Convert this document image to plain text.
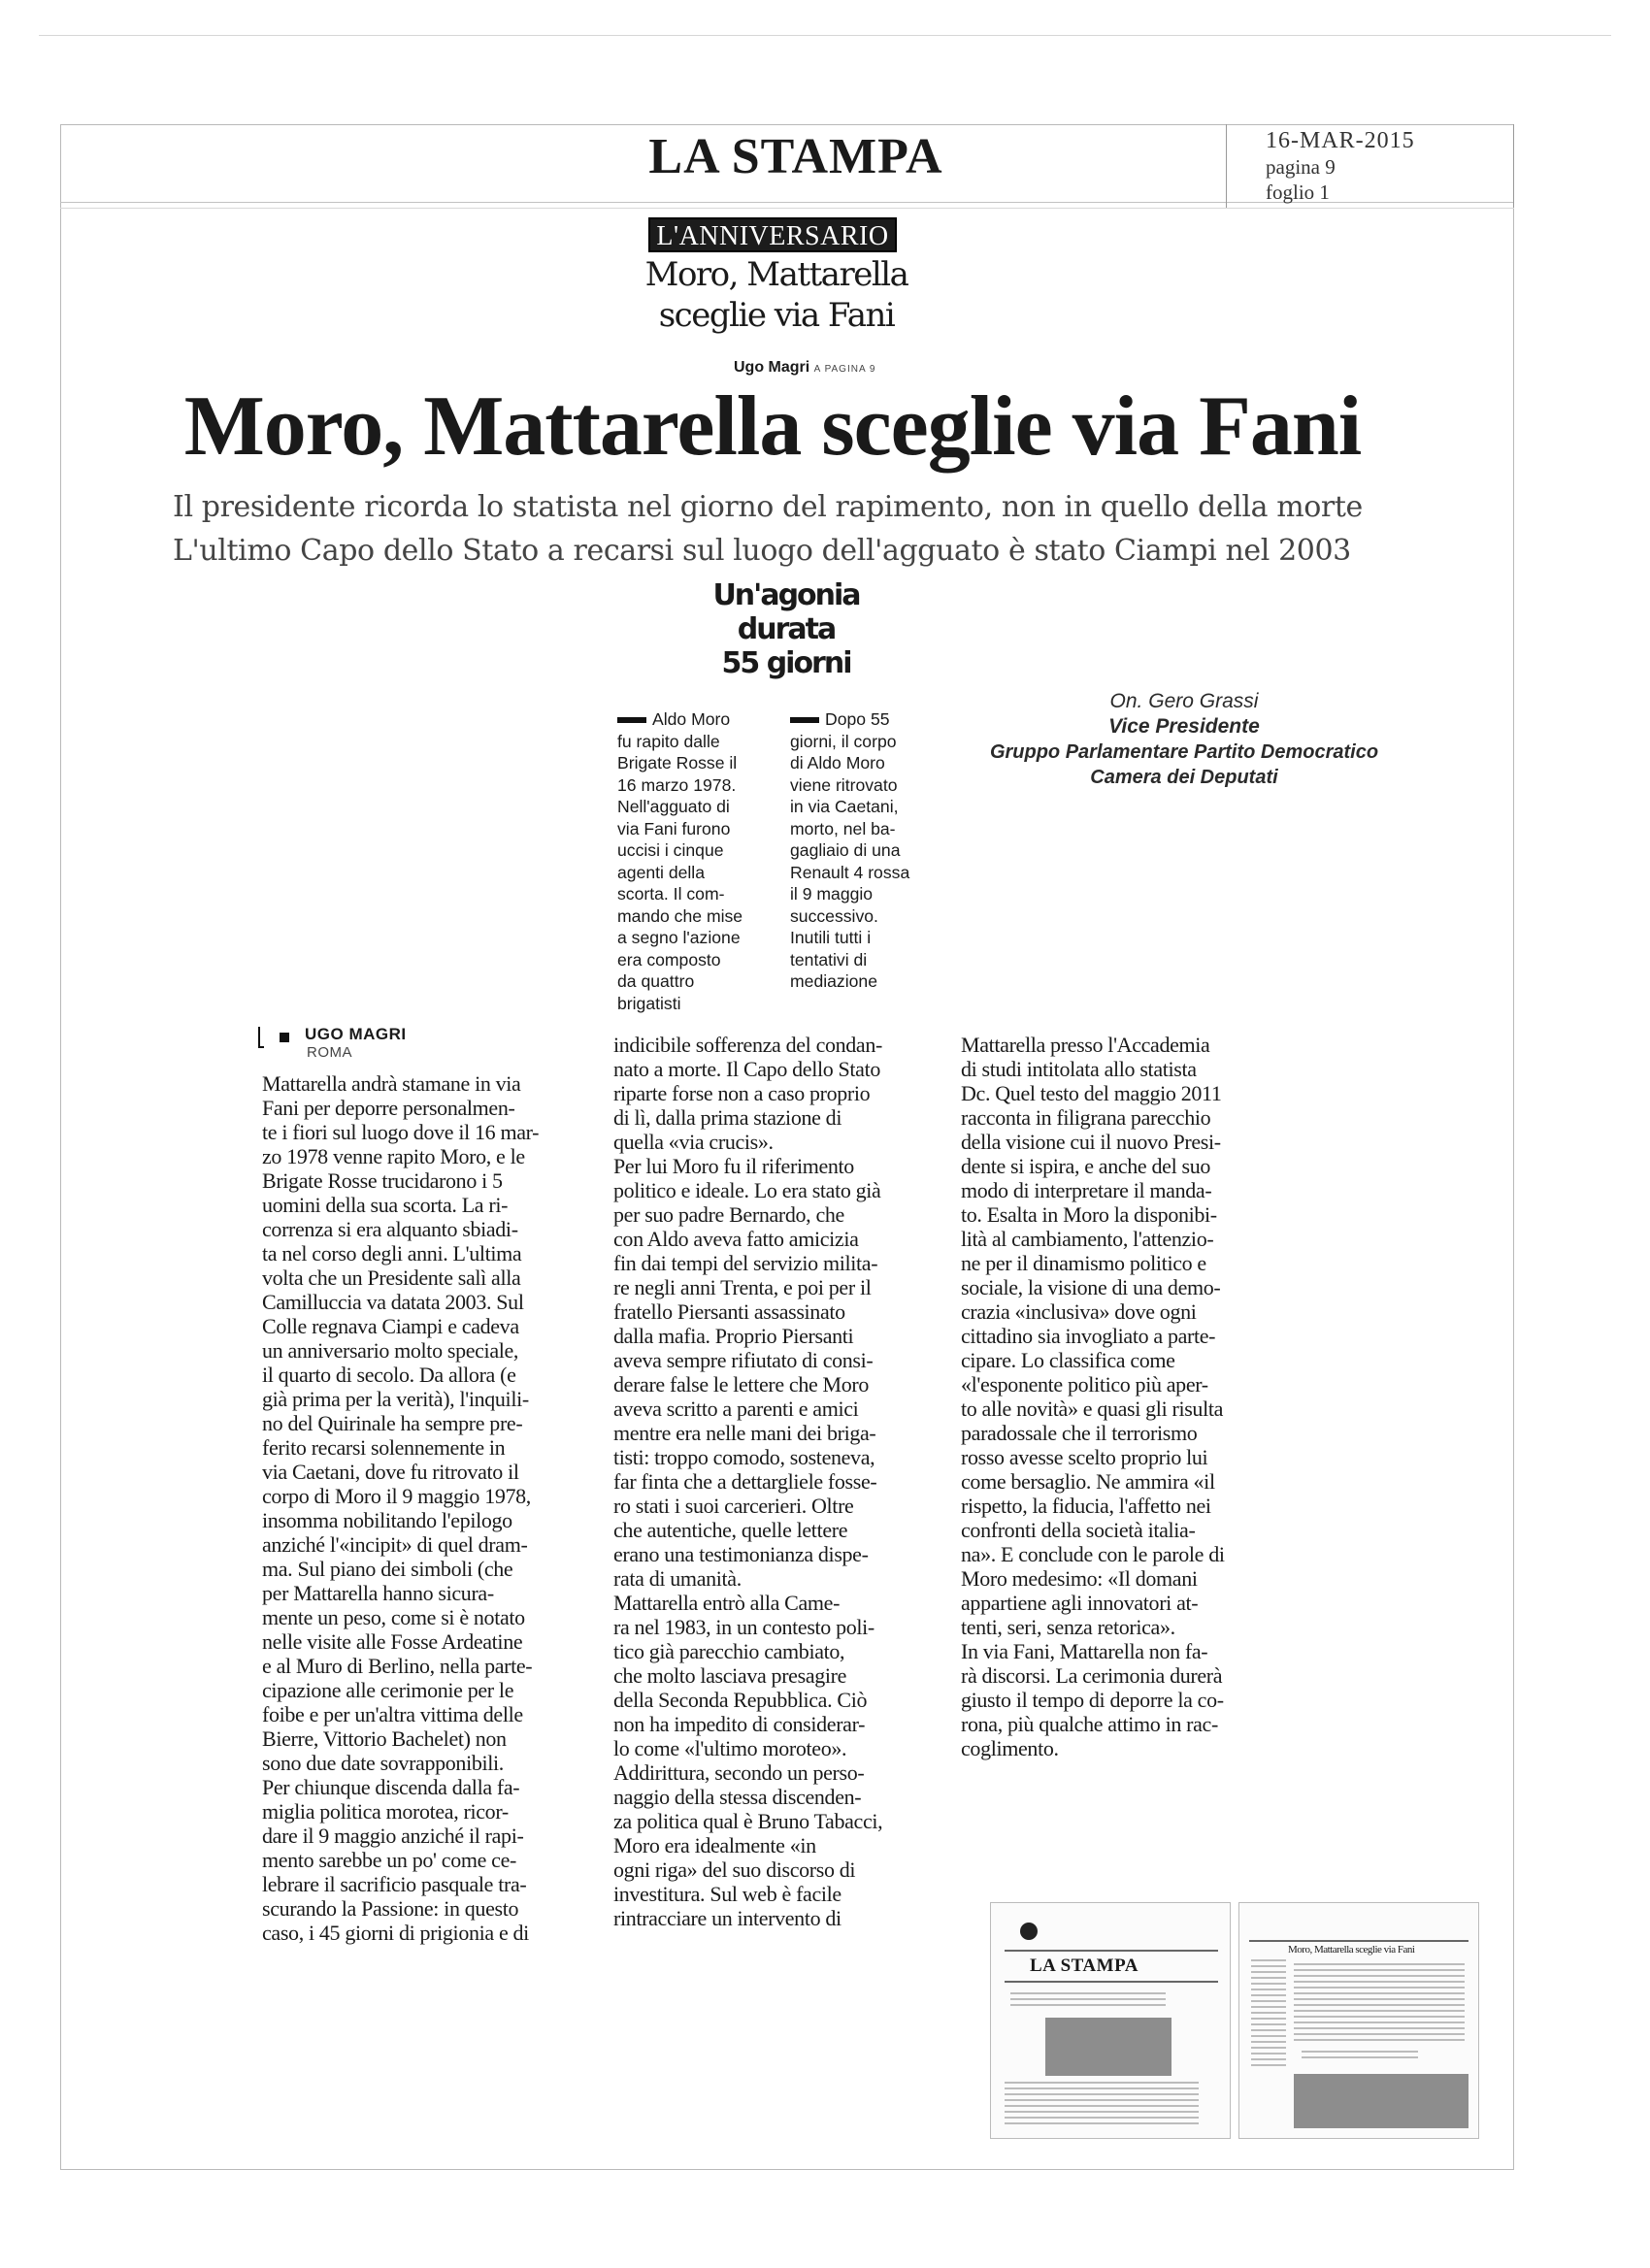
LA STAMPA	16-MAR-2015
pagina 9
foglio 1
L'ANNIVERSARIO
Moro, Mattarella
sceglie via Fani
Ugo Magri A PAGINA 9
Moro, Mattarella sceglie via Fani
Il presidente ricorda lo statista nel giorno del rapimento, non in quello della morte
L'ultimo Capo dello Stato a recarsi sul luogo dell'agguato è stato Ciampi nel 2003
Un'agonia
durata
55 giorni
Aldo Moro
fu rapito dalle
Brigate Rosse il
16 marzo 1978.
Nell'agguato di
via Fani furono
uccisi i cinque
agenti della
scorta. Il com-
mando che mise
a segno l'azione
era composto
da quattro
brigatisti
Dopo 55
giorni, il corpo
di Aldo Moro
viene ritrovato
in via Caetani,
morto, nel ba-
gagliaio di una
Renault 4 rossa
il 9 maggio
successivo.
Inutili tutti i
tentativi di
mediazione
On. Gero Grassi
Vice Presidente
Gruppo Parlamentare Partito Democratico
Camera dei Deputati
UGO MAGRI
ROMA
Mattarella andrà stamane in via
Fani per deporre personalmen-
te i fiori sul luogo dove il 16 mar-
zo 1978 venne rapito Moro, e le
Brigate Rosse trucidarono i 5
uomini della sua scorta. La ri-
correnza si era alquanto sbiadi-
ta nel corso degli anni. L'ultima
volta che un Presidente salì alla
Camilluccia va datata 2003. Sul
Colle regnava Ciampi e cadeva
un anniversario molto speciale,
il quarto di secolo. Da allora (e
già prima per la verità), l'inquili-
no del Quirinale ha sempre pre-
ferito recarsi solennemente in
via Caetani, dove fu ritrovato il
corpo di Moro il 9 maggio 1978,
insomma nobilitando l'epilogo
anziché l'«incipit» di quel dram-
ma. Sul piano dei simboli (che
per Mattarella hanno sicura-
mente un peso, come si è notato
nelle visite alle Fosse Ardeatine
e al Muro di Berlino, nella parte-
cipazione alle cerimonie per le
foibe e per un'altra vittima delle
Bierre, Vittorio Bachelet) non
sono due date sovrapponibili.
Per chiunque discenda dalla fa-
miglia politica morotea, ricor-
dare il 9 maggio anziché il rapi-
mento sarebbe un po' come ce-
lebrare il sacrificio pasquale tra-
scurando la Passione: in questo
caso, i 45 giorni di prigionia e di
indicibile sofferenza del condan-
nato a morte. Il Capo dello Stato
riparte forse non a caso proprio
di lì, dalla prima stazione di
quella «via crucis».
Per lui Moro fu il riferimento
politico e ideale. Lo era stato già
per suo padre Bernardo, che
con Aldo aveva fatto amicizia
fin dai tempi del servizio milita-
re negli anni Trenta, e poi per il
fratello Piersanti assassinato
dalla mafia. Proprio Piersanti
aveva sempre rifiutato di consi-
derare false le lettere che Moro
aveva scritto a parenti e amici
mentre era nelle mani dei briga-
tisti: troppo comodo, sosteneva,
far finta che a dettargliele fosse-
ro stati i suoi carcerieri. Oltre
che autentiche, quelle lettere
erano una testimonianza dispe-
rata di umanità.
Mattarella entrò alla Came-
ra nel 1983, in un contesto poli-
tico già parecchio cambiato,
che molto lasciava presagire
della Seconda Repubblica. Ciò
non ha impedito di considerar-
lo come «l'ultimo moroteo».
Addirittura, secondo un perso-
naggio della stessa discenden-
za politica qual è Bruno Tabacci,
Moro era idealmente «in
ogni riga» del suo discorso di
investitura. Sul web è facile
rintracciare un intervento di
Mattarella presso l'Accademia
di studi intitolata allo statista
Dc. Quel testo del maggio 2011
racconta in filigrana parecchio
della visione cui il nuovo Presi-
dente si ispira, e anche del suo
modo di interpretare il manda-
to. Esalta in Moro la disponibi-
lità al cambiamento, l'attenzio-
ne per il dinamismo politico e
sociale, la visione di una demo-
crazia «inclusiva» dove ogni
cittadino sia invogliato a parte-
cipare. Lo classifica come
«l'esponente politico più aper-
to alle novità» e quasi gli risulta
paradossale che il terrorismo
rosso avesse scelto proprio lui
come bersaglio. Ne ammira «il
rispetto, la fiducia, l'affetto nei
confronti della società italia-
na». E conclude con le parole di
Moro medesimo: «Il domani
appartiene agli innovatori at-
tenti, seri, senza retorica».
In via Fani, Mattarella non fa-
rà discorsi. La cerimonia durerà
giusto il tempo di deporre la co-
rona, più qualche attimo in rac-
coglimento.
LA STAMPA
Moro, Mattarella sceglie via Fani
